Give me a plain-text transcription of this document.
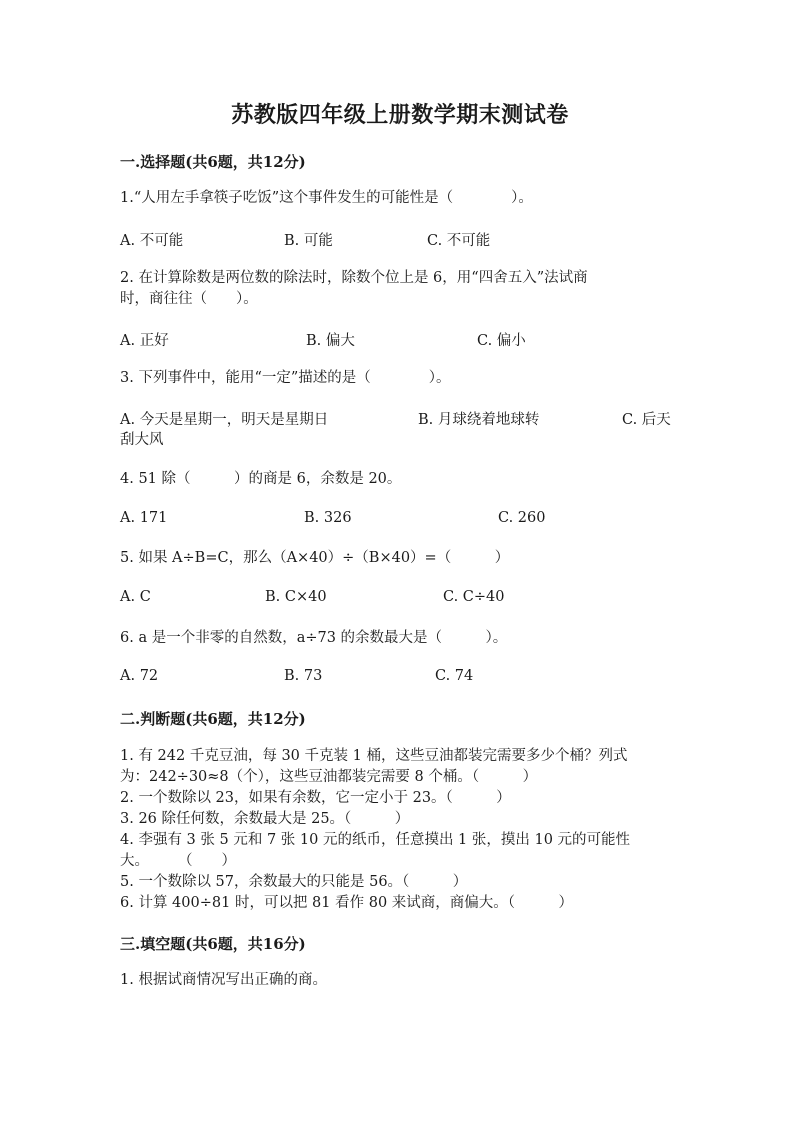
苏教版四年级上册数学期末测试卷
一.选择题(共6题，共12分)
1.“人用左手拿筷子吃饭”这个事件发生的可能性是（　　　　）。
A. 不可能	B. 可能	C. 不可能
2. 在计算除数是两位数的除法时，除数个位上是 6，用“四舍五入”法试商
时，商往往（　　）。
A. 正好	B. 偏大	C. 偏小
3. 下列事件中，能用“一定”描述的是（　　　　）。
A. 今天是星期一，明天是星期日	B. 月球绕着地球转	C. 后天
刮大风
4. 51 除（　　　）的商是 6，余数是 20。
A. 171	B. 326	C. 260
5. 如果 A÷B=C，那么（A×40）÷（B×40）=（　　　）
A. C	B. C×40	C. C÷40
6. a 是一个非零的自然数，a÷73 的余数最大是（　　　）。
A. 72	B. 73	C. 74
二.判断题(共6题，共12分)
1. 有 242 千克豆油，每 30 千克装 1 桶，这些豆油都装完需要多少个桶？列式
为：242÷30≈8（个），这些豆油都装完需要 8 个桶。（　　　）
2. 一个数除以 23，如果有余数，它一定小于 23。（　　　）
3. 26 除任何数，余数最大是 25。（　　　）
4. 李强有 3 张 5 元和 7 张 10 元的纸币，任意摸出 1 张，摸出 10 元的可能性
大。　　　（　　）
5. 一个数除以 57，余数最大的只能是 56。（　　　）
6. 计算 400÷81 时，可以把 81 看作 80 来试商，商偏大。（　　　）
三.填空题(共6题，共16分)
1. 根据试商情况写出正确的商。
